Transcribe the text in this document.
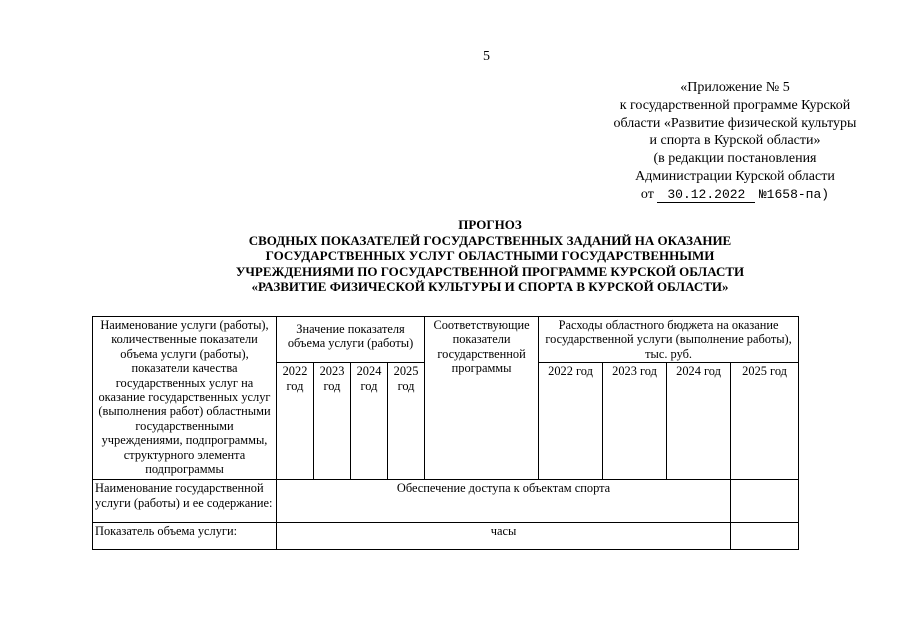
5
«Приложение № 5
к государственной программе Курской
области «Развитие физической культуры
и спорта в Курской области»
(в редакции постановления
Администрации Курской области
от 30.12.2022 №1658-па)
ПРОГНОЗ
СВОДНЫХ ПОКАЗАТЕЛЕЙ ГОСУДАРСТВЕННЫХ ЗАДАНИЙ НА ОКАЗАНИЕ
ГОСУДАРСТВЕННЫХ УСЛУГ ОБЛАСТНЫМИ ГОСУДАРСТВЕННЫМИ
УЧРЕЖДЕНИЯМИ ПО ГОСУДАРСТВЕННОЙ ПРОГРАММЕ КУРСКОЙ ОБЛАСТИ
«РАЗВИТИЕ ФИЗИЧЕСКОЙ КУЛЬТУРЫ И СПОРТА В КУРСКОЙ ОБЛАСТИ»
Наименование услуги (работы), количественные показатели объема услуги (работы), показатели качества государственных услуг на оказание государственных услуг (выполнения работ) областными государственными учреждениями, подпрограммы, структурного элемента подпрограммы	Значение показателя объема услуги (работы)				Соответствующие показатели государственной программы	Расходы областного бюджета на оказание государственной услуги (выполнение работы), тыс. руб.			
	2022 год	2023 год	2024 год	2025 год		2022 год	2023 год	2024 год	2025 год
Наименование государственной услуги (работы) и ее содержание:	Обеспечение доступа к объектам спорта								
Показатель объема услуги:	часы								
